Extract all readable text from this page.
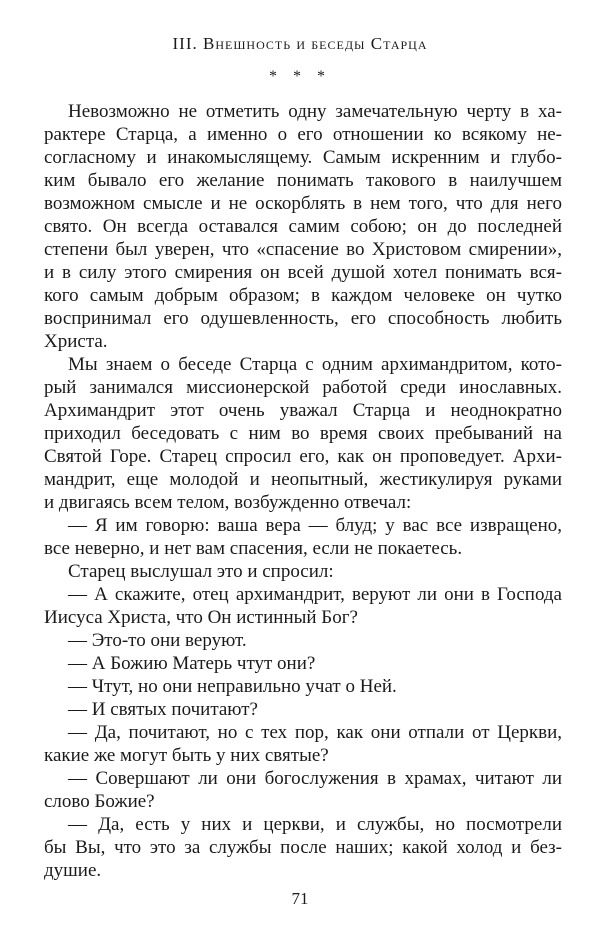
III. Внешность и беседы Старца
* * *
Невозможно не отметить одну замечательную черту в ха-
рактере Старца, а именно о его отношении ко всякому не-
согласному и инакомыслящему. Самым искренним и глубо-
ким бывало его желание понимать такового в наилучшем
возможном смысле и не оскорблять в нем того, что для него
свято. Он всегда оставался самим собою; он до последней
степени был уверен, что «спасение во Христовом смирении»,
и в силу этого смирения он всей душой хотел понимать вся-
кого самым добрым образом; в каждом человеке он чутко
воспринимал его одушевленность, его способность любить
Христа.
Мы знаем о беседе Старца с одним архимандритом, кото-
рый занимался миссионерской работой среди инославных.
Архимандрит этот очень уважал Старца и неоднократно
приходил беседовать с ним во время своих пребываний на
Святой Горе. Старец спросил его, как он проповедует. Архи-
мандрит, еще молодой и неопытный, жестикулируя руками
и двигаясь всем телом, возбужденно отвечал:
— Я им говорю: ваша вера — блуд; у вас все извращено,
все неверно, и нет вам спасения, если не покаетесь.
Старец выслушал это и спросил:
— А скажите, отец архимандрит, веруют ли они в Господа
Иисуса Христа, что Он истинный Бог?
— Это-то они веруют.
— А Божию Матерь чтут они?
— Чтут, но они неправильно учат о Ней.
— И святых почитают?
— Да, почитают, но с тех пор, как они отпали от Церкви,
какие же могут быть у них святые?
— Совершают ли они богослужения в храмах, читают ли
слово Божие?
— Да, есть у них и церкви, и службы, но посмотрели
бы Вы, что это за службы после наших; какой холод и без-
душие.
71
